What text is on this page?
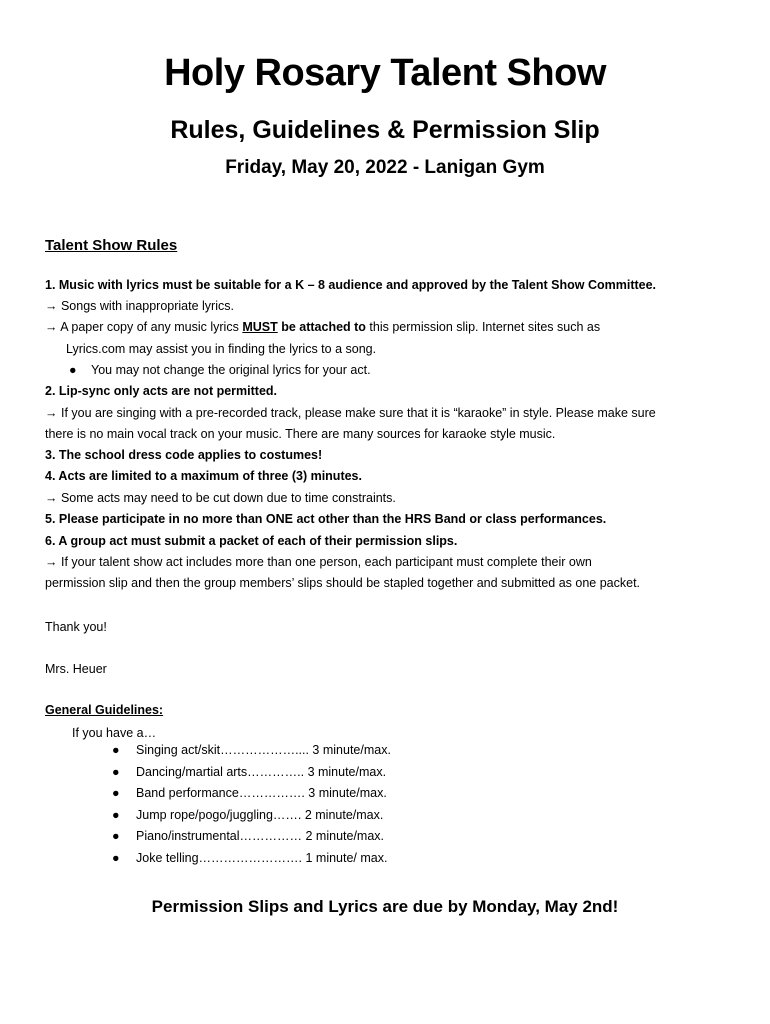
Holy Rosary Talent Show
Rules, Guidelines & Permission Slip
Friday, May 20, 2022 - Lanigan Gym
Talent Show Rules
1. Music with lyrics must be suitable for a K – 8 audience and approved by the Talent Show Committee.
→ Songs with inappropriate lyrics.
→ A paper copy of any music lyrics MUST be attached to this permission slip. Internet sites such as
Lyrics.com may assist you in finding the lyrics to a song.
● You may not change the original lyrics for your act.
2. Lip-sync only acts are not permitted.
→ If you are singing with a pre-recorded track, please make sure that it is “karaoke” in style. Please make sure
there is no main vocal track on your music. There are many sources for karaoke style music.
3. The school dress code applies to costumes!
4. Acts are limited to a maximum of three (3) minutes.
→ Some acts may need to be cut down due to time constraints.
5. Please participate in no more than ONE act other than the HRS Band or class performances.
6. A group act must submit a packet of each of their permission slips.
→ If your talent show act includes more than one person, each participant must complete their own
permission slip and then the group members’ slips should be stapled together and submitted as one packet.
Thank you!
Mrs. Heuer
General Guidelines:
If you have a…
● Singing act/skit……………….... 3 minute/max.
● Dancing/martial arts………….. 3 minute/max.
● Band performance……………. 3 minute/max.
● Jump rope/pogo/juggling……. 2 minute/max.
● Piano/instrumental…………… 2 minute/max.
● Joke telling……………………. 1 minute/ max.
Permission Slips and Lyrics are due by Monday, May 2nd!
